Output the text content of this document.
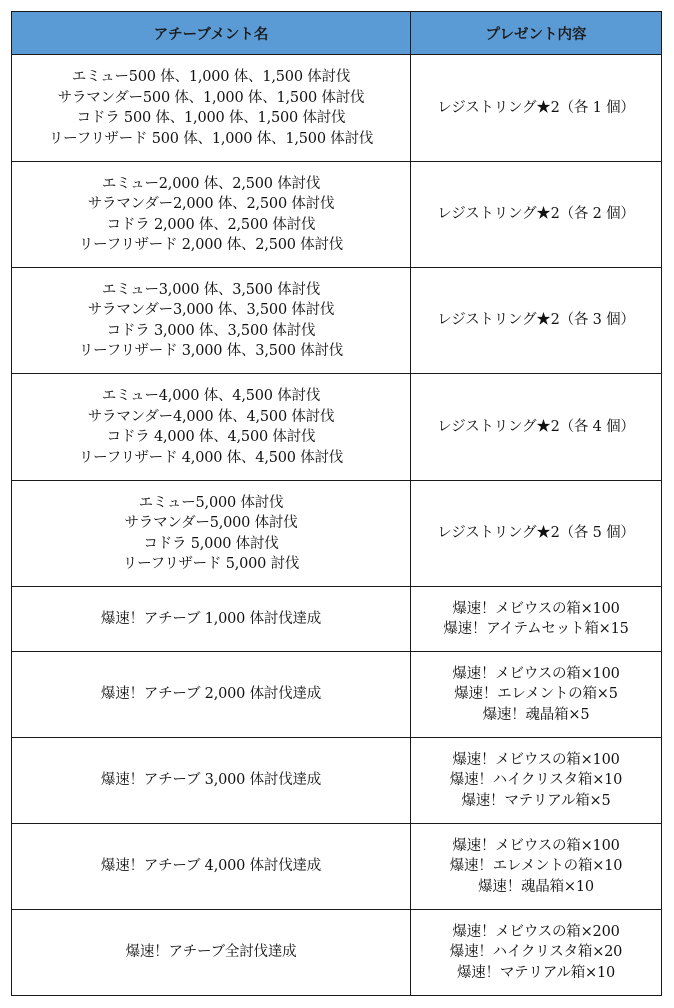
アチーブメント名	プレゼント内容

エミュー500 体、1,000 体、1,500 体討伐
サラマンダー500 体、1,000 体、1,500 体討伐
コドラ 500 体、1,000 体、1,500 体討伐
リーフリザード 500 体、1,000 体、1,500 体討伐	レジストリング★2（各 1 個）

エミュー2,000 体、2,500 体討伐
サラマンダー2,000 体、2,500 体討伐
コドラ 2,000 体、2,500 体討伐
リーフリザード 2,000 体、2,500 体討伐	レジストリング★2（各 2 個）

エミュー3,000 体、3,500 体討伐
サラマンダー3,000 体、3,500 体討伐
コドラ 3,000 体、3,500 体討伐
リーフリザード 3,000 体、3,500 体討伐	レジストリング★2（各 3 個）

エミュー4,000 体、4,500 体討伐
サラマンダー4,000 体、4,500 体討伐
コドラ 4,000 体、4,500 体討伐
リーフリザード 4,000 体、4,500 体討伐	レジストリング★2（各 4 個）

エミュー5,000 体討伐
サラマンダー5,000 体討伐
コドラ 5,000 体討伐
リーフリザード 5,000 討伐	レジストリング★2（各 5 個）

爆速！アチーブ 1,000 体討伐達成	爆速！メビウスの箱×100
爆速！アイテムセット箱×15

爆速！アチーブ 2,000 体討伐達成	爆速！メビウスの箱×100
爆速！エレメントの箱×5
爆速！魂晶箱×5

爆速！アチーブ 3,000 体討伐達成	爆速！メビウスの箱×100
爆速！ハイクリスタ箱×10
爆速！マテリアル箱×5

爆速！アチーブ 4,000 体討伐達成	爆速！メビウスの箱×100
爆速！エレメントの箱×10
爆速！魂晶箱×10

爆速！アチーブ全討伐達成	爆速！メビウスの箱×200
爆速！ハイクリスタ箱×20
爆速！マテリアル箱×10
